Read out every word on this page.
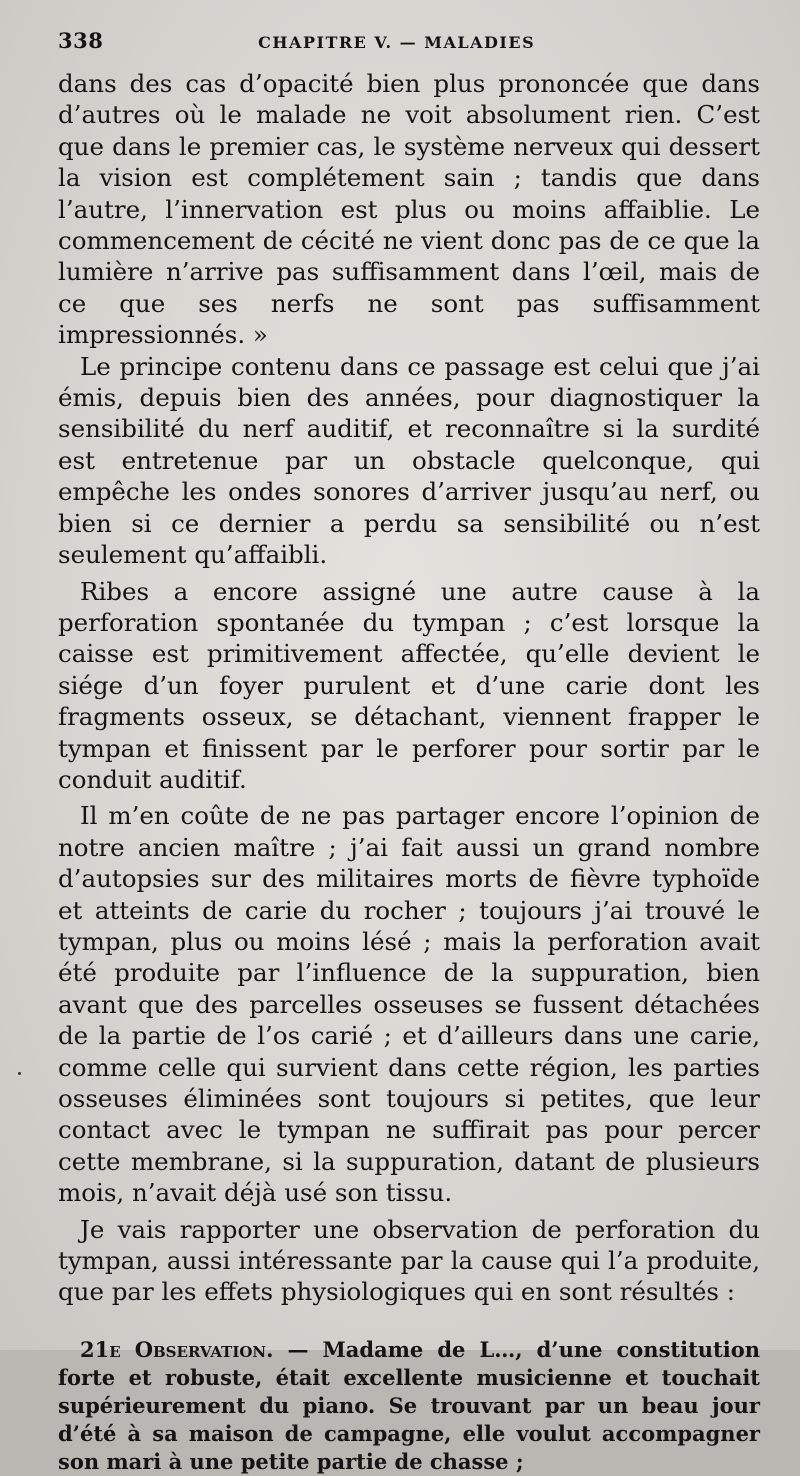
338	CHAPITRE V. — MALADIES

dans des cas d’opacité bien plus prononcée que dans d’autres où le malade ne voit absolument rien. C’est que dans le premier cas, le système nerveux qui dessert la vision est complétement sain ; tandis que dans l’autre, l’innervation est plus ou moins affaiblie. Le commencement de cécité ne vient donc pas de ce que la lumière n’arrive pas suffisamment dans l’œil, mais de ce que ses nerfs ne sont pas suffisamment impressionnés. »

Le principe contenu dans ce passage est celui que j’ai émis, depuis bien des années, pour diagnostiquer la sensibilité du nerf auditif, et reconnaître si la surdité est entretenue par un obstacle quelconque, qui empêche les ondes sonores d’arriver jusqu’au nerf, ou bien si ce dernier a perdu sa sensibilité ou n’est seulement qu’affaibli.

Ribes a encore assigné une autre cause à la perforation spontanée du tympan ; c’est lorsque la caisse est primitivement affectée, qu’elle devient le siége d’un foyer purulent et d’une carie dont les fragments osseux, se détachant, viennent frapper le tympan et finissent par le perforer pour sortir par le conduit auditif.

Il m’en coûte de ne pas partager encore l’opinion de notre ancien maître ; j’ai fait aussi un grand nombre d’autopsies sur des militaires morts de fièvre typhoïde et atteints de carie du rocher ; toujours j’ai trouvé le tympan, plus ou moins lésé ; mais la perforation avait été produite par l’influence de la suppuration, bien avant que des parcelles osseuses se fussent détachées de la partie de l’os carié ; et d’ailleurs dans une carie, comme celle qui survient dans cette région, les parties osseuses éliminées sont toujours si petites, que leur contact avec le tympan ne suffirait pas pour percer cette membrane, si la suppuration, datant de plusieurs mois, n’avait déjà usé son tissu.

Je vais rapporter une observation de perforation du tympan, aussi intéressante par la cause qui l’a produite, que par les effets physiologiques qui en sont résultés :

21e Observation. — Madame de L…, d’une constitution forte et robuste, était excellente musicienne et touchait supérieurement du piano. Se trouvant par un beau jour d’été à sa maison de campagne, elle voulut accompagner son mari à une petite partie de chasse ;
